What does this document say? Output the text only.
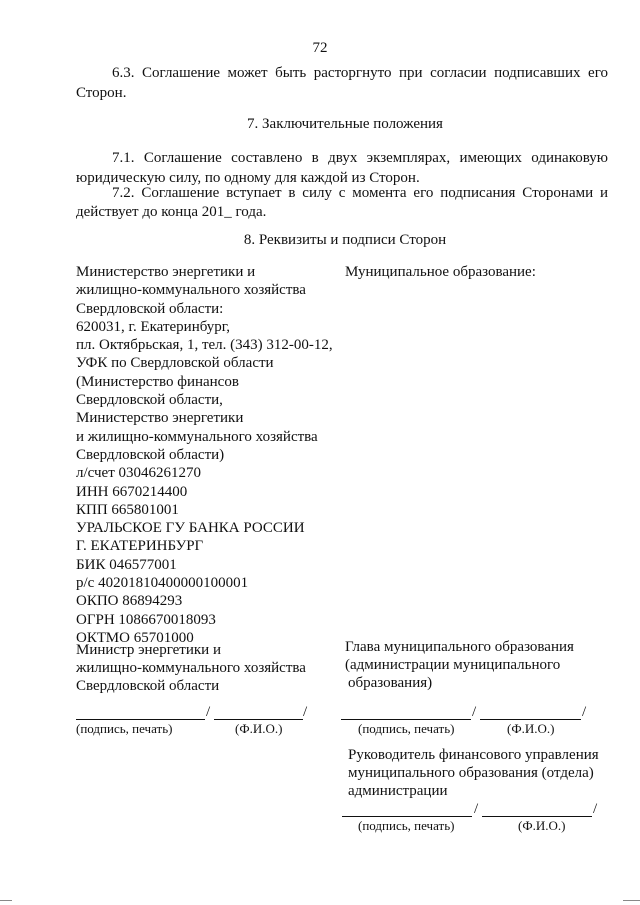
72
6.3. Соглашение может быть расторгнуто при согласии подписавших его
Сторон.
7. Заключительные положения
7.1. Соглашение составлено в двух экземплярах, имеющих одинаковую
юридическую силу, по одному для каждой из Сторон.
7.2. Соглашение вступает в силу с момента его подписания Сторонами и
действует до конца 201_ года.
8. Реквизиты и подписи Сторон
Министерство энергетики и
жилищно-коммунального хозяйства
Свердловской области:
620031, г. Екатеринбург,
пл. Октябрьская, 1, тел. (343) 312-00-12,
УФК по Свердловской области
(Министерство финансов
Свердловской области,
Министерство энергетики
и жилищно-коммунального хозяйства
Свердловской области)
л/счет 03046261270
ИНН 6670214400
КПП 665801001
УРАЛЬСКОЕ ГУ БАНКА РОССИИ
Г. ЕКАТЕРИНБУРГ
БИК 046577001
р/с 40201810400000100001
ОКПО 86894293
ОГРН 1086670018093
ОКТМО 65701000
Муниципальное образование:
Министр энергетики и
жилищно-коммунального хозяйства
Свердловской области
Глава муниципального образования
(администрации муниципального
образования)
/	/
(подпись, печать)	(Ф.И.О.)
/	/
(подпись, печать)	(Ф.И.О.)
Руководитель финансового управления
муниципального образования (отдела)
администрации
/	/
(подпись, печать)	(Ф.И.О.)
